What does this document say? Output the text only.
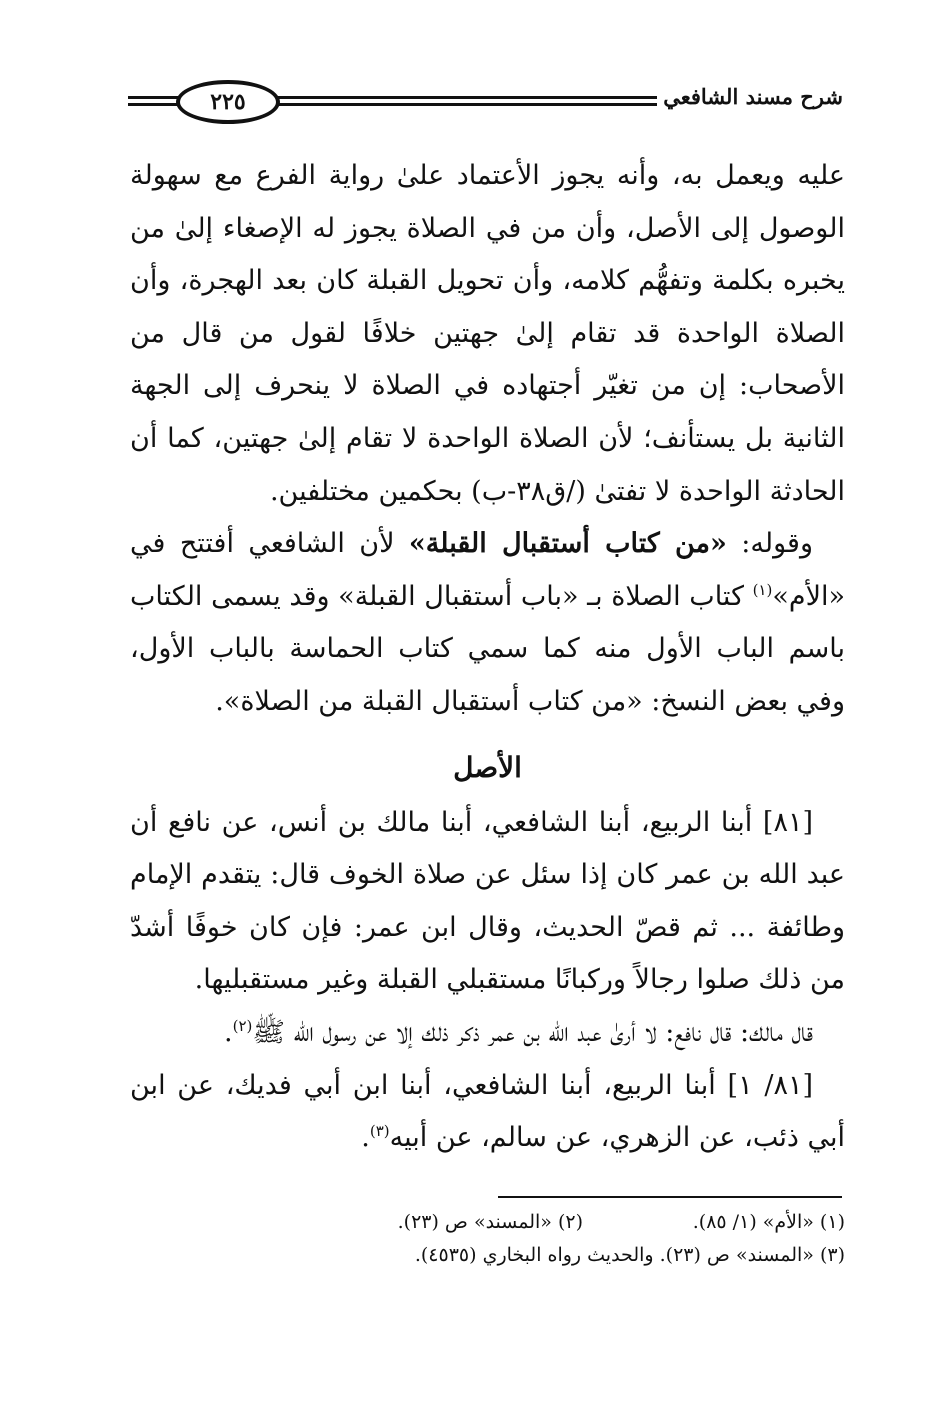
شرح مسند الشافعي
٢٢٥

عليه ويعمل به، وأنه يجوز الأعتماد علىٰ رواية الفرع مع سهولة الوصول إلى الأصل، وأن من في الصلاة يجوز له الإصغاء إلىٰ من يخبره بكلمة وتفهُّم كلامه، وأن تحويل القبلة كان بعد الهجرة، وأن الصلاة الواحدة قد تقام إلىٰ جهتين خلافًا لقول من قال من الأصحاب: إن من تغيّر أجتهاده في الصلاة لا ينحرف إلى الجهة الثانية بل يستأنف؛ لأن الصلاة الواحدة لا تقام إلىٰ جهتين، كما أن الحادثة الواحدة لا تفتىٰ (/ق٣٨-ب) بحكمين مختلفين.

وقوله: «من كتاب أستقبال القبلة» لأن الشافعي أفتتح في «الأم»$^{(١)}$ كتاب الصلاة بـ «باب أستقبال القبلة» وقد يسمى الكتاب باسم الباب الأول منه كما سمي كتاب الحماسة بالباب الأول، وفي بعض النسخ: «من كتاب أستقبال القبلة من الصلاة».

الأصل

[٨١] أبنا الربيع، أبنا الشافعي، أبنا مالك بن أنس، عن نافع أن عبد الله بن عمر كان إذا سئل عن صلاة الخوف قال: يتقدم الإمام وطائفة ... ثم قصّ الحديث، وقال ابن عمر: فإن كان خوفًا أشدّ من ذلك صلوا رجالاً وركبانًا مستقبلي القبلة وغير مستقبليها.

قال مالك: قال نافع: لا أرىٰ عبد الله بن عمر ذكر ذلك إلا عن رسول الله ﷺ$^{(٢)}$.

[٨١/ ١] أبنا الربيع، أبنا الشافعي، أبنا ابن أبي فديك، عن ابن أبي ذئب، عن الزهري، عن سالم، عن أبيه$^{(٣)}$.

(١) «الأم» (١/ ٨٥).
(٢) «المسند» ص (٢٣).
(٣) «المسند» ص (٢٣). والحديث رواه البخاري (٤٥٣٥).
